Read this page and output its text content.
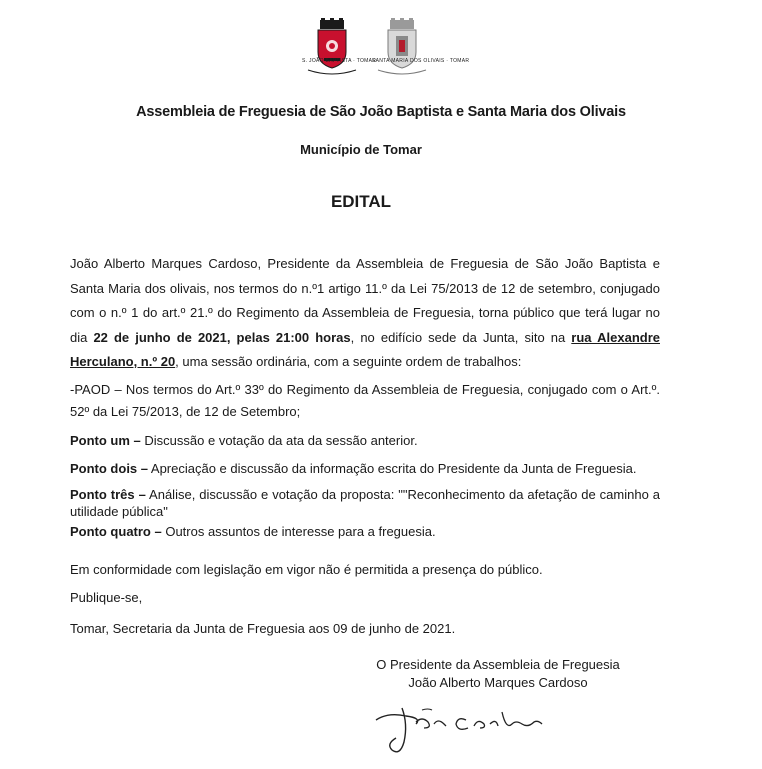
S. JOÃO BAPTISTA · TOMAR
SANTA MARIA DOS OLIVAIS · TOMAR
Assembleia de Freguesia de São João Baptista e Santa Maria dos Olivais
Município de Tomar
EDITAL

João Alberto Marques Cardoso, Presidente da Assembleia de Freguesia de São João Baptista e Santa Maria dos olivais, nos termos do n.º1 artigo 11.º da Lei 75/2013 de 12 de setembro, conjugado com o n.º 1 do art.º 21.º do Regimento da Assembleia de Freguesia, torna público que terá lugar no dia 22 de junho de 2021, pelas 21:00 horas, no edifício sede da Junta, sito na rua Alexandre Herculano, n.º 20, uma sessão ordinária, com a seguinte ordem de trabalhos:

-PAOD – Nos termos do Art.º 33º do Regimento da Assembleia de Freguesia, conjugado com o Art.º. 52º da Lei 75/2013, de 12 de Setembro;

Ponto um – Discussão e votação da ata da sessão anterior.

Ponto dois – Apreciação e discussão da informação escrita do Presidente da Junta de Freguesia.

Ponto três – Análise, discussão e votação da proposta: ""Reconhecimento da afetação de caminho a utilidade pública"

Ponto quatro – Outros assuntos de interesse para a freguesia.

Em conformidade com legislação em vigor não é permitida a presença do público.

Publique-se,

Tomar, Secretaria da Junta de Freguesia aos 09 de junho de 2021.

O Presidente da Assembleia de Freguesia
João Alberto Marques Cardoso
